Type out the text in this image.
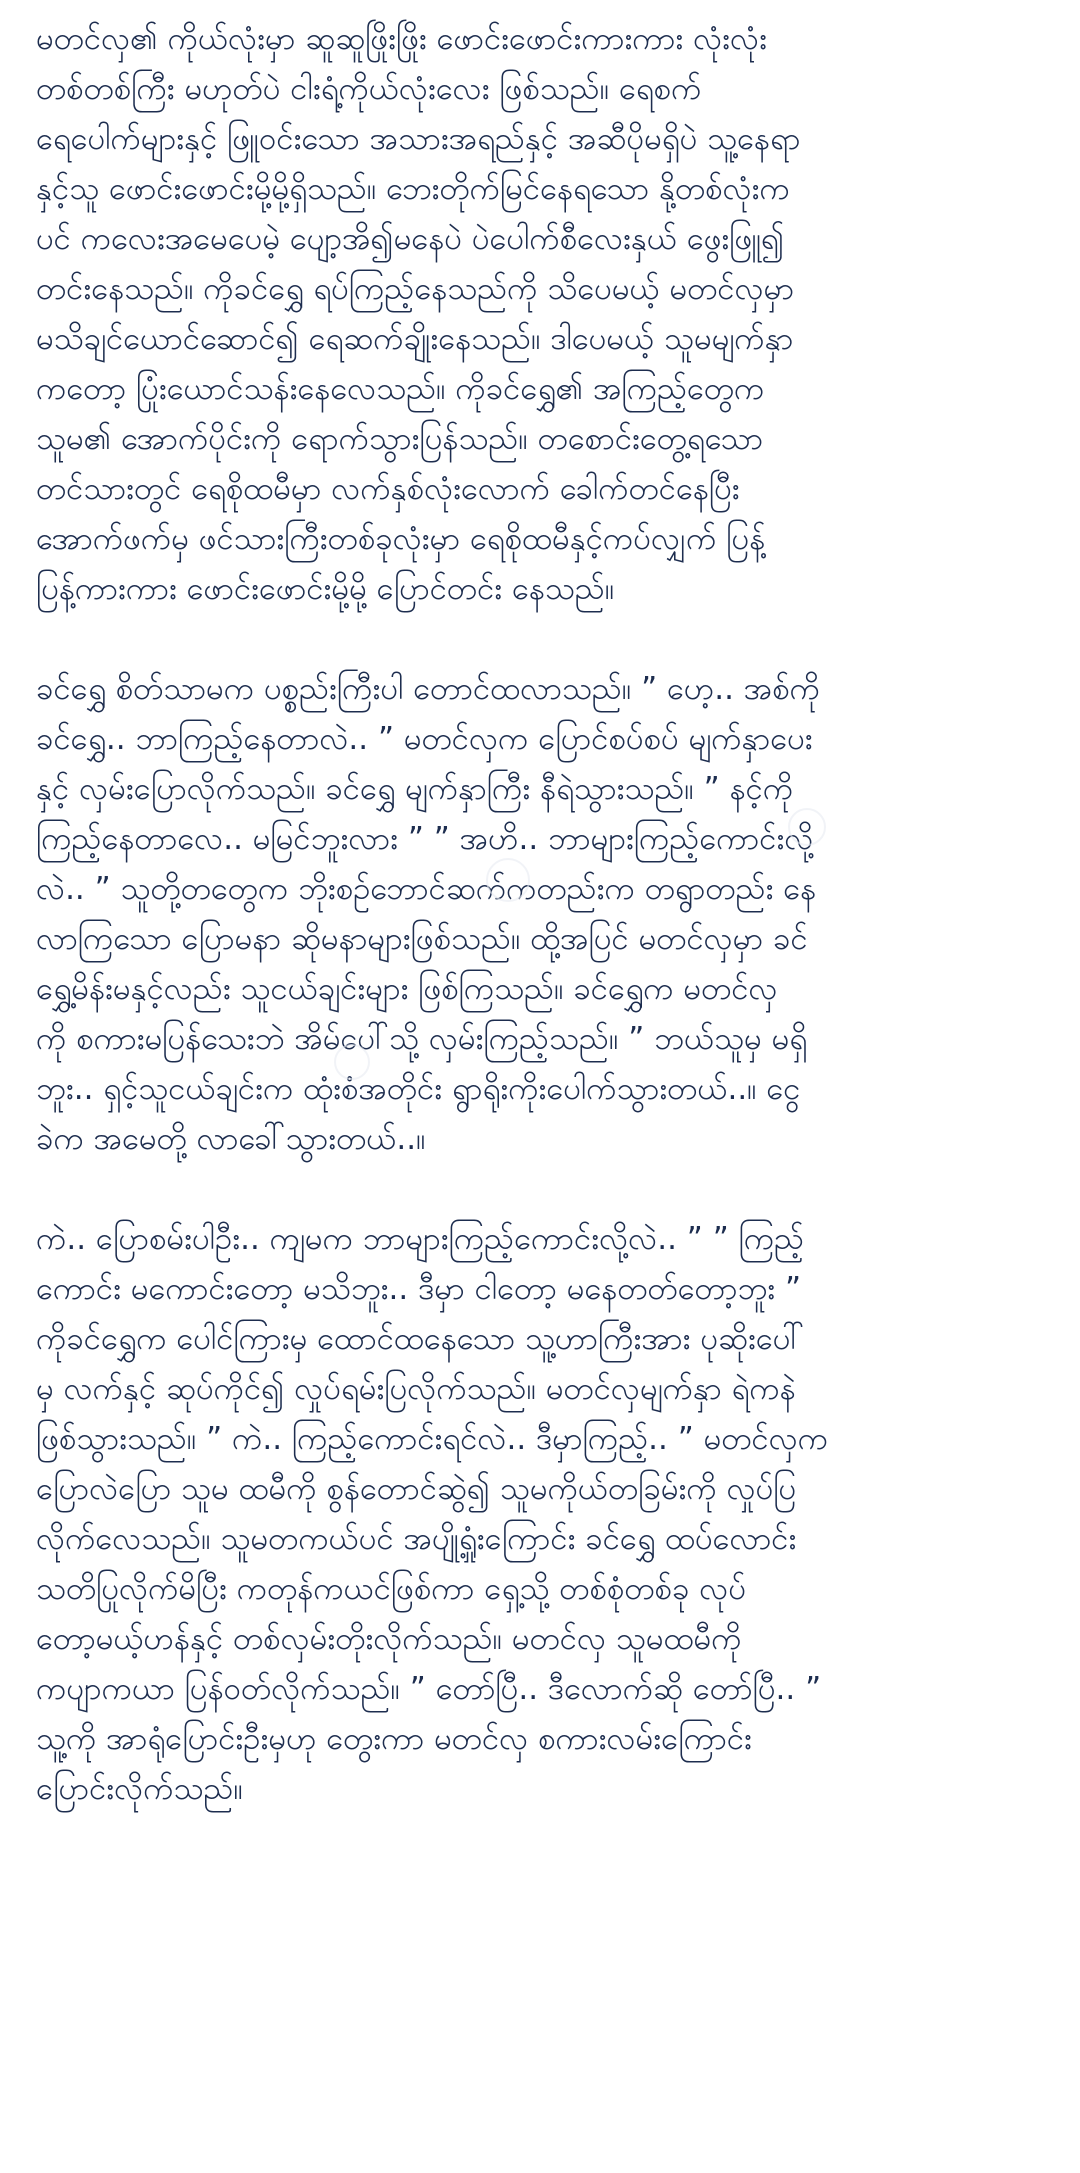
မတင်လှ၏ ကိုယ်လုံးမှာ ဆူဆူဖြိုးဖြိုး ဖောင်းဖောင်းကားကား လုံးလုံး
တစ်တစ်ကြီး မဟုတ်ပဲ ငါးရံ့ကိုယ်လုံးလေး ဖြစ်သည်။ ရေစက်
ရေပေါက်များနှင့် ဖြူဝင်းသော အသားအရည်နှင့် အဆီပိုမရှိပဲ သူ့နေရာ
နှင့်သူ ဖောင်းဖောင်းမို့မို့ရှိသည်။ ဘေးတိုက်မြင်နေရသော နို့တစ်လုံးက
ပင် ကလေးအမေပေမဲ့ ပျော့အိ၍မနေပဲ ပဲပေါက်စီလေးနှယ် ဖွေးဖြူ၍
တင်းနေသည်။ ကိုခင်ရွှေ ရပ်ကြည့်နေသည်ကို သိပေမယ့် မတင်လှမှာ
မသိချင်ယောင်ဆောင်၍ ရေဆက်ချိုးနေသည်။ ဒါပေမယ့် သူမမျက်နှာ
ကတော့ ပြုံးယောင်သန်းနေလေသည်။ ကိုခင်ရွှေ၏ အကြည့်တွေက
သူမ၏ အောက်ပိုင်းကို ရောက်သွားပြန်သည်။ တစောင်းတွေ့ရသော
တင်သားတွင် ရေစိုထမီမှာ လက်နှစ်လုံးလောက် ခေါက်တင်နေပြီး
အောက်ဖက်မှ ဖင်သားကြီးတစ်ခုလုံးမှာ ရေစိုထမီနှင့်ကပ်လျှက် ပြန့်
ပြန့်ကားကား ဖောင်းဖောင်းမို့မို့ ပြောင်တင်း နေသည်။

ခင်ရွှေ စိတ်သာမက ပစ္စည်းကြီးပါ တောင်ထလာသည်။ ” ဟေ့.. အစ်ကို
ခင်ရွှေ.. ဘာကြည့်နေတာလဲ.. ” မတင်လှက ပြောင်စပ်စပ် မျက်နှာပေး
နှင့် လှမ်းပြောလိုက်သည်။ ခင်ရွှေ မျက်နှာကြီး နီရဲသွားသည်။ ” နင့်ကို
ကြည့်နေတာလေ.. မမြင်ဘူးလား ” ” အဟိ.. ဘာများကြည့်ကောင်းလို့
လဲ.. ” သူတို့တတွေက ဘိုးစဉ်ဘောင်ဆက်ကတည်းက တရွာတည်း နေ
လာကြသော ပြောမနာ ဆိုမနာများဖြစ်သည်။ ထို့အပြင် မတင်လှမှာ ခင်
ရွှေ့မိန်းမနှင့်လည်း သူငယ်ချင်းများ ဖြစ်ကြသည်။ ခင်ရွှေက မတင်လှ
ကို စကားမပြန်သေးဘဲ အိမ်ပေါ်သို့ လှမ်းကြည့်သည်။ ” ဘယ်သူမှ မရှိ
ဘူး.. ရှင့်သူငယ်ချင်းက ထုံးစံအတိုင်း ရွာရိုးကိုးပေါက်သွားတယ်..။ ငွေ
ခဲက အမေတို့ လာခေါ်သွားတယ်..။

ကဲ.. ပြောစမ်းပါဦး.. ကျမက ဘာများကြည့်ကောင်းလို့လဲ.. ” ” ကြည့်
ကောင်း မကောင်းတော့ မသိဘူး.. ဒီမှာ ငါတော့ မနေတတ်တော့ဘူး ”
ကိုခင်ရွှေက ပေါင်ကြားမှ ထောင်ထနေသော သူ့ဟာကြီးအား ပုဆိုးပေါ်
မှ လက်နှင့် ဆုပ်ကိုင်၍ လှုပ်ရမ်းပြလိုက်သည်။ မတင်လှမျက်နှာ ရဲကနဲ
ဖြစ်သွားသည်။ ” ကဲ.. ကြည့်ကောင်းရင်လဲ.. ဒီမှာကြည့်.. ” မတင်လှက
ပြောလဲပြော သူမ ထမီကို စွန်တောင်ဆွဲ၍ သူမကိုယ်တခြမ်းကို လှုပ်ပြ
လိုက်လေသည်။ သူမတကယ်ပင် အပျို့ရှုံးကြောင်း ခင်ရွှေ ထပ်လောင်း
သတိပြုလိုက်မိပြီး ကတုန်ကယင်ဖြစ်ကာ ရှေ့သို့ တစ်စုံတစ်ခု လုပ်
တော့မယ့်ဟန်နှင့် တစ်လှမ်းတိုးလိုက်သည်။ မတင်လှ သူမထမီကို
ကပျာကယာ ပြန်ဝတ်လိုက်သည်။ ” တော်ပြီ.. ဒီလောက်ဆို တော်ပြီ.. ”
သူ့ကို အာရုံပြောင်းဦးမှဟု တွေးကာ မတင်လှ စကားလမ်းကြောင်း
ပြောင်းလိုက်သည်။
